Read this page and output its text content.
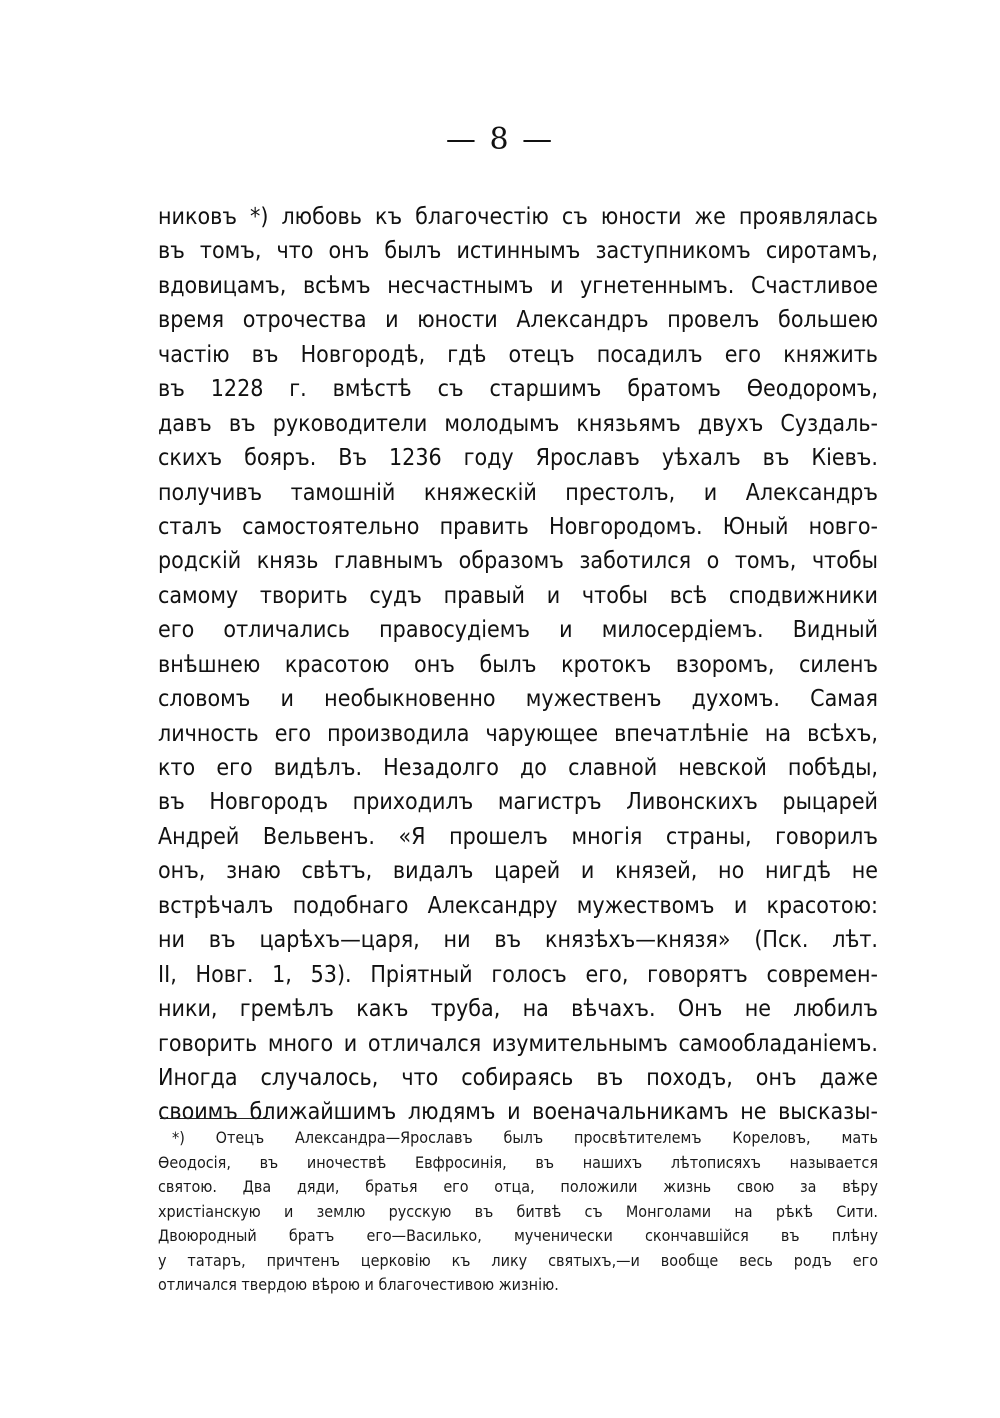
— 8 —
никовъ *) любовь къ благочестію съ юности же проявлялась
въ томъ, что онъ былъ истиннымъ заступникомъ сиротамъ,
вдовицамъ, всѣмъ несчастнымъ и угнетеннымъ. Счастливое
время отрочества и юности Александръ провелъ большею
частію въ Новгородѣ, гдѣ отецъ посадилъ его княжить
въ 1228 г. вмѣстѣ съ старшимъ братомъ Ѳеодоромъ,
давъ въ руководители молодымъ князьямъ двухъ Суздаль-
скихъ бояръ. Въ 1236 году Ярославъ уѣхалъ въ Кіевъ.
получивъ тамошній княжескій престолъ, и Александръ
сталъ самостоятельно править Новгородомъ. Юный новго-
родскій князь главнымъ образомъ заботился о томъ, чтобы
самому творить судъ правый и чтобы всѣ сподвижники
его отличались правосудіемъ и милосердіемъ. Видный
внѣшнею красотою онъ былъ кротокъ взоромъ, силенъ
словомъ и необыкновенно мужественъ духомъ. Самая
личность его производила чарующее впечатлѣніе на всѣхъ,
кто его видѣлъ. Незадолго до славной невской побѣды,
въ Новгородъ приходилъ магистръ Ливонскихъ рыцарей
Андрей Вельвенъ. «Я прошелъ многія страны, говорилъ
онъ, знаю свѣтъ, видалъ царей и князей, но нигдѣ не
встрѣчалъ подобнаго Александру мужествомъ и красотою:
ни въ царѣхъ—царя, ни въ князѣхъ—князя» (Пск. лѣт.
II, Новг. 1, 53). Пріятный голосъ его, говорятъ современ-
ники, гремѣлъ какъ труба, на вѣчахъ. Онъ не любилъ
говорить много и отличался изумительнымъ самообладаніемъ.
Иногда случалось, что собираясь въ походъ, онъ даже
своимъ ближайшимъ людямъ и военачальникамъ не высказы-
*) Отецъ Александра—Ярославъ былъ просвѣтителемъ Кореловъ, мать
Ѳеодосія, въ иночествѣ Евфросинія, въ нашихъ лѣтописяхъ называется
святою. Два дяди, братья его отца, положили жизнь свою за вѣру
христіанскую и землю русскую въ битвѣ съ Монголами на рѣкѣ Сити.
Двоюродный братъ его—Василько, мученически скончавшійся въ плѣну
у татаръ, причтенъ церковію къ лику святыхъ,—и вообще весь родъ его
отличался твердою вѣрою и благочестивою жизнію.
